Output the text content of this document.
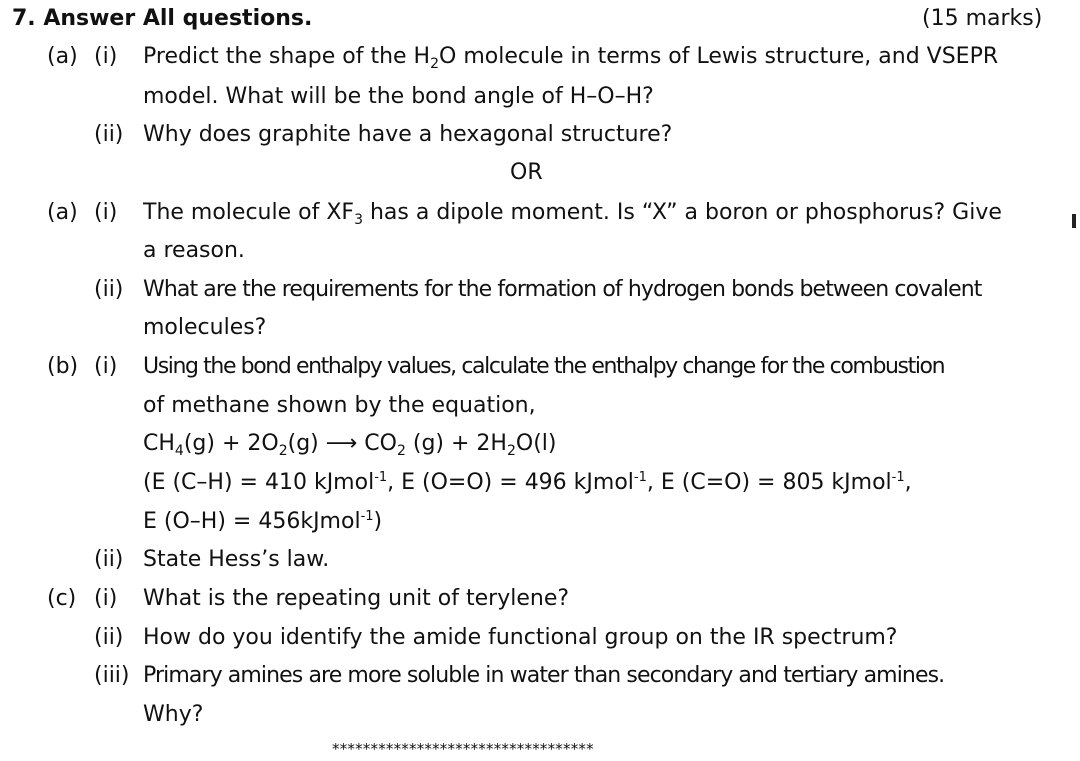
7. Answer All questions.	(15 marks)
(a) (i) Predict the shape of the $H_2O$ molecule in terms of Lewis structure, and VSEPR
model. What will be the bond angle of H–O–H?
(ii) Why does graphite have a hexagonal structure?
OR
(a) (i) The molecule of $XF_3$ has a dipole moment. Is “X” a boron or phosphorus? Give
a reason.
(ii) What are the requirements for the formation of hydrogen bonds between covalent
molecules?
(b) (i) Using the bond enthalpy values, calculate the enthalpy change for the combustion
of methane shown by the equation,
$CH_4(g) + 2O_2(g)$ ⟶ $CO_2$ $(g) + 2H_2O(l)$
(E (C–H) = 410 kJmol$^{-1}$, E (O=O) = 496 kJmol$^{-1}$, E (C=O) = 805 kJmol$^{-1}$,
E (O–H) = 456kJmol$^{-1}$)
(ii) State Hess’s law.
(c) (i) What is the repeating unit of terylene?
(ii) How do you identify the amide functional group on the IR spectrum?
(iii) Primary amines are more soluble in water than secondary and tertiary amines.
Why?
**********************************
